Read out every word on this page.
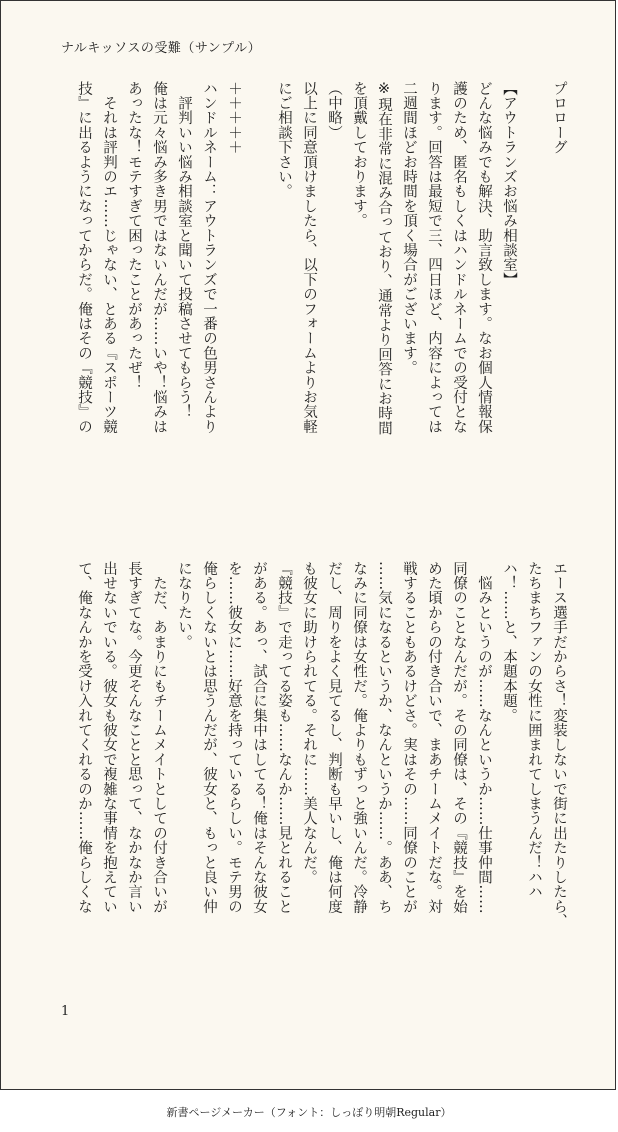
ナルキッソスの受難（サンプル）
プロローグ

【アウトランズお悩み相談室】
どんな悩みでも解決、助言致します。なお個人情報保
護のため、匿名もしくはハンドルネームでの受付とな
ります。回答は最短で三、四日ほど、内容によっては
二週間ほどお時間を頂く場合がございます。
※現在非常に混み合っており、通常より回答にお時間
を頂戴しております。
（中略）
以上に同意頂けましたら、以下のフォームよりお気軽
にご相談下さい。

＋＋＋＋＋
ハンドルネーム：アウトランズで一番の色男さんより
　評判いい悩み相談室と聞いて投稿させてもらう！
俺は元々悩み多き男ではないんだが……いや！悩みは
あったな！モテすぎて困ったことがあったぜ！
　それは評判のエ……じゃない、とある『スポーツ競
技』に出るようになってからだ。俺はその『競技』の
エース選手だからさ！変装しないで街に出たりしたら、
たちまちファンの女性に囲まれてしまうんだ！ハハ
ハ！……と、本題本題。
　悩みというのが……なんというか……仕事仲間……
同僚のことなんだが。その同僚は、その『競技』を始
めた頃からの付き合いで、まあチームメイトだな。対
戦することもあるけどさ。実はその……同僚のことが
……気になるというか、なんというか……。ああ、ち
なみに同僚は女性だ。俺よりもずっと強いんだ。冷静
だし、周りをよく見てるし、判断も早いし、俺は何度
も彼女に助けられてる。それに……美人なんだ。
『競技』で走ってる姿も……なんか……見とれること
がある。あっ、試合に集中はしてる！俺はそんな彼女
を……彼女に……好意を持っているらしい。モテ男の
俺らしくないとは思うんだが、彼女と、もっと良い仲
になりたい。
　ただ、あまりにもチームメイトとしての付き合いが
長すぎてな。今更そんなことと思って、なかなか言い
出せないでいる。彼女も彼女で複雑な事情を抱えてい
て、俺なんかを受け入れてくれるのか……俺らしくな
1
新書ページメーカー（フォント：しっぽり明朝Regular）
